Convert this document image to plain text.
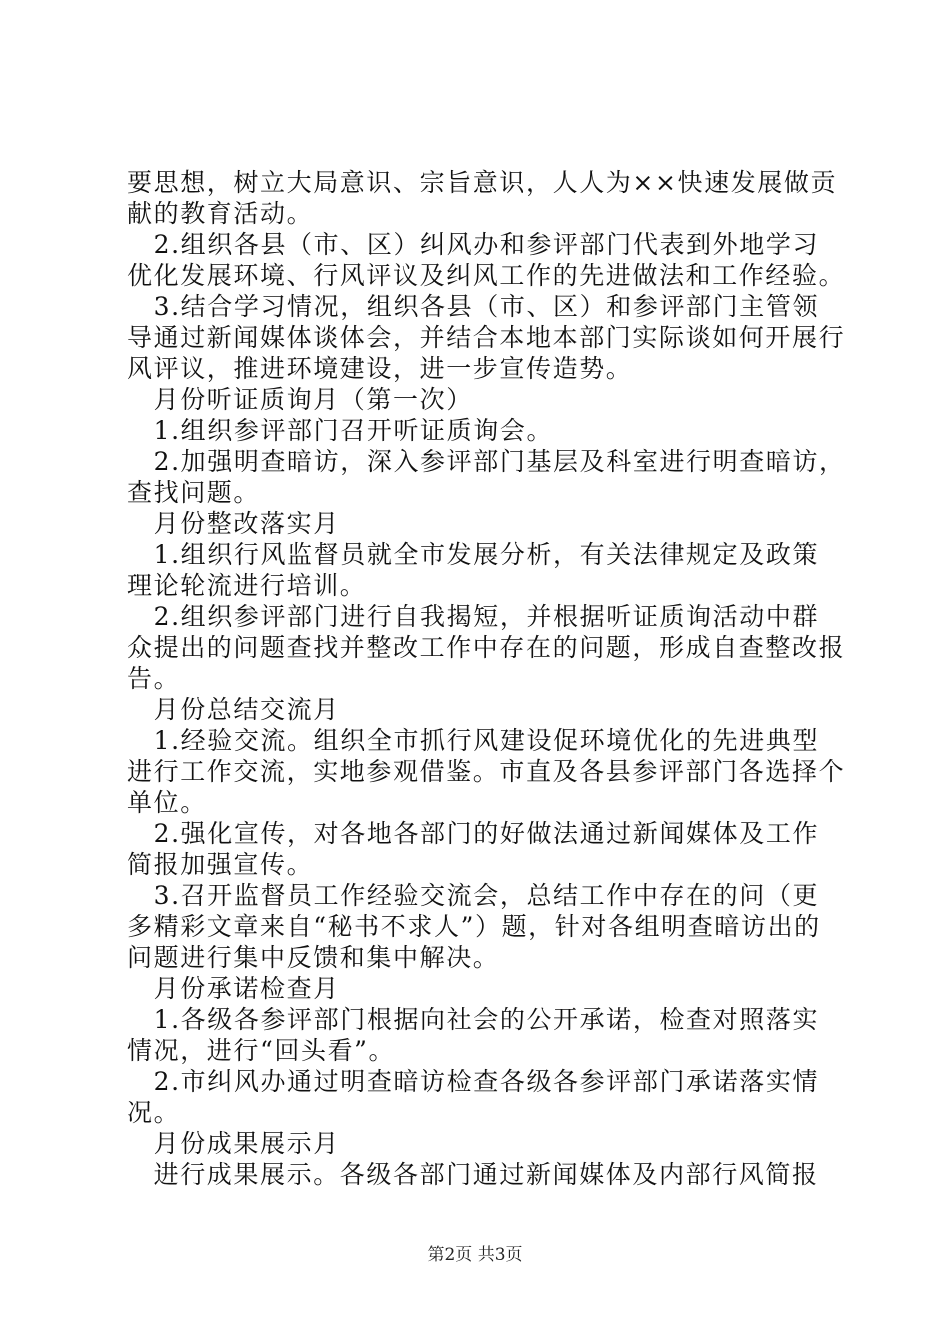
要思想，树立大局意识、宗旨意识，人人为××快速发展做贡
献的教育活动。
　2.组织各县（市、区）纠风办和参评部门代表到外地学习
优化发展环境、行风评议及纠风工作的先进做法和工作经验。
　3.结合学习情况，组织各县（市、区）和参评部门主管领
导通过新闻媒体谈体会，并结合本地本部门实际谈如何开展行
风评议，推进环境建设，进一步宣传造势。
　月份听证质询月（第一次）
　1.组织参评部门召开听证质询会。
　2.加强明查暗访，深入参评部门基层及科室进行明查暗访，
查找问题。
　月份整改落实月
　1.组织行风监督员就全市发展分析，有关法律规定及政策
理论轮流进行培训。
　2.组织参评部门进行自我揭短，并根据听证质询活动中群
众提出的问题查找并整改工作中存在的问题，形成自查整改报
告。
　月份总结交流月
　1.经验交流。组织全市抓行风建设促环境优化的先进典型
进行工作交流，实地参观借鉴。市直及各县参评部门各选择个
单位。
　2.强化宣传，对各地各部门的好做法通过新闻媒体及工作
简报加强宣传。
　3.召开监督员工作经验交流会，总结工作中存在的问（更
多精彩文章来自“秘书不求人”）题，针对各组明查暗访出的
问题进行集中反馈和集中解决。
　月份承诺检查月
　1.各级各参评部门根据向社会的公开承诺，检查对照落实
情况，进行“回头看”。
　2.市纠风办通过明查暗访检查各级各参评部门承诺落实情
况。
第2页 共3页
　月份成果展示月
　进行成果展示。各级各部门通过新闻媒体及内部行风简报
